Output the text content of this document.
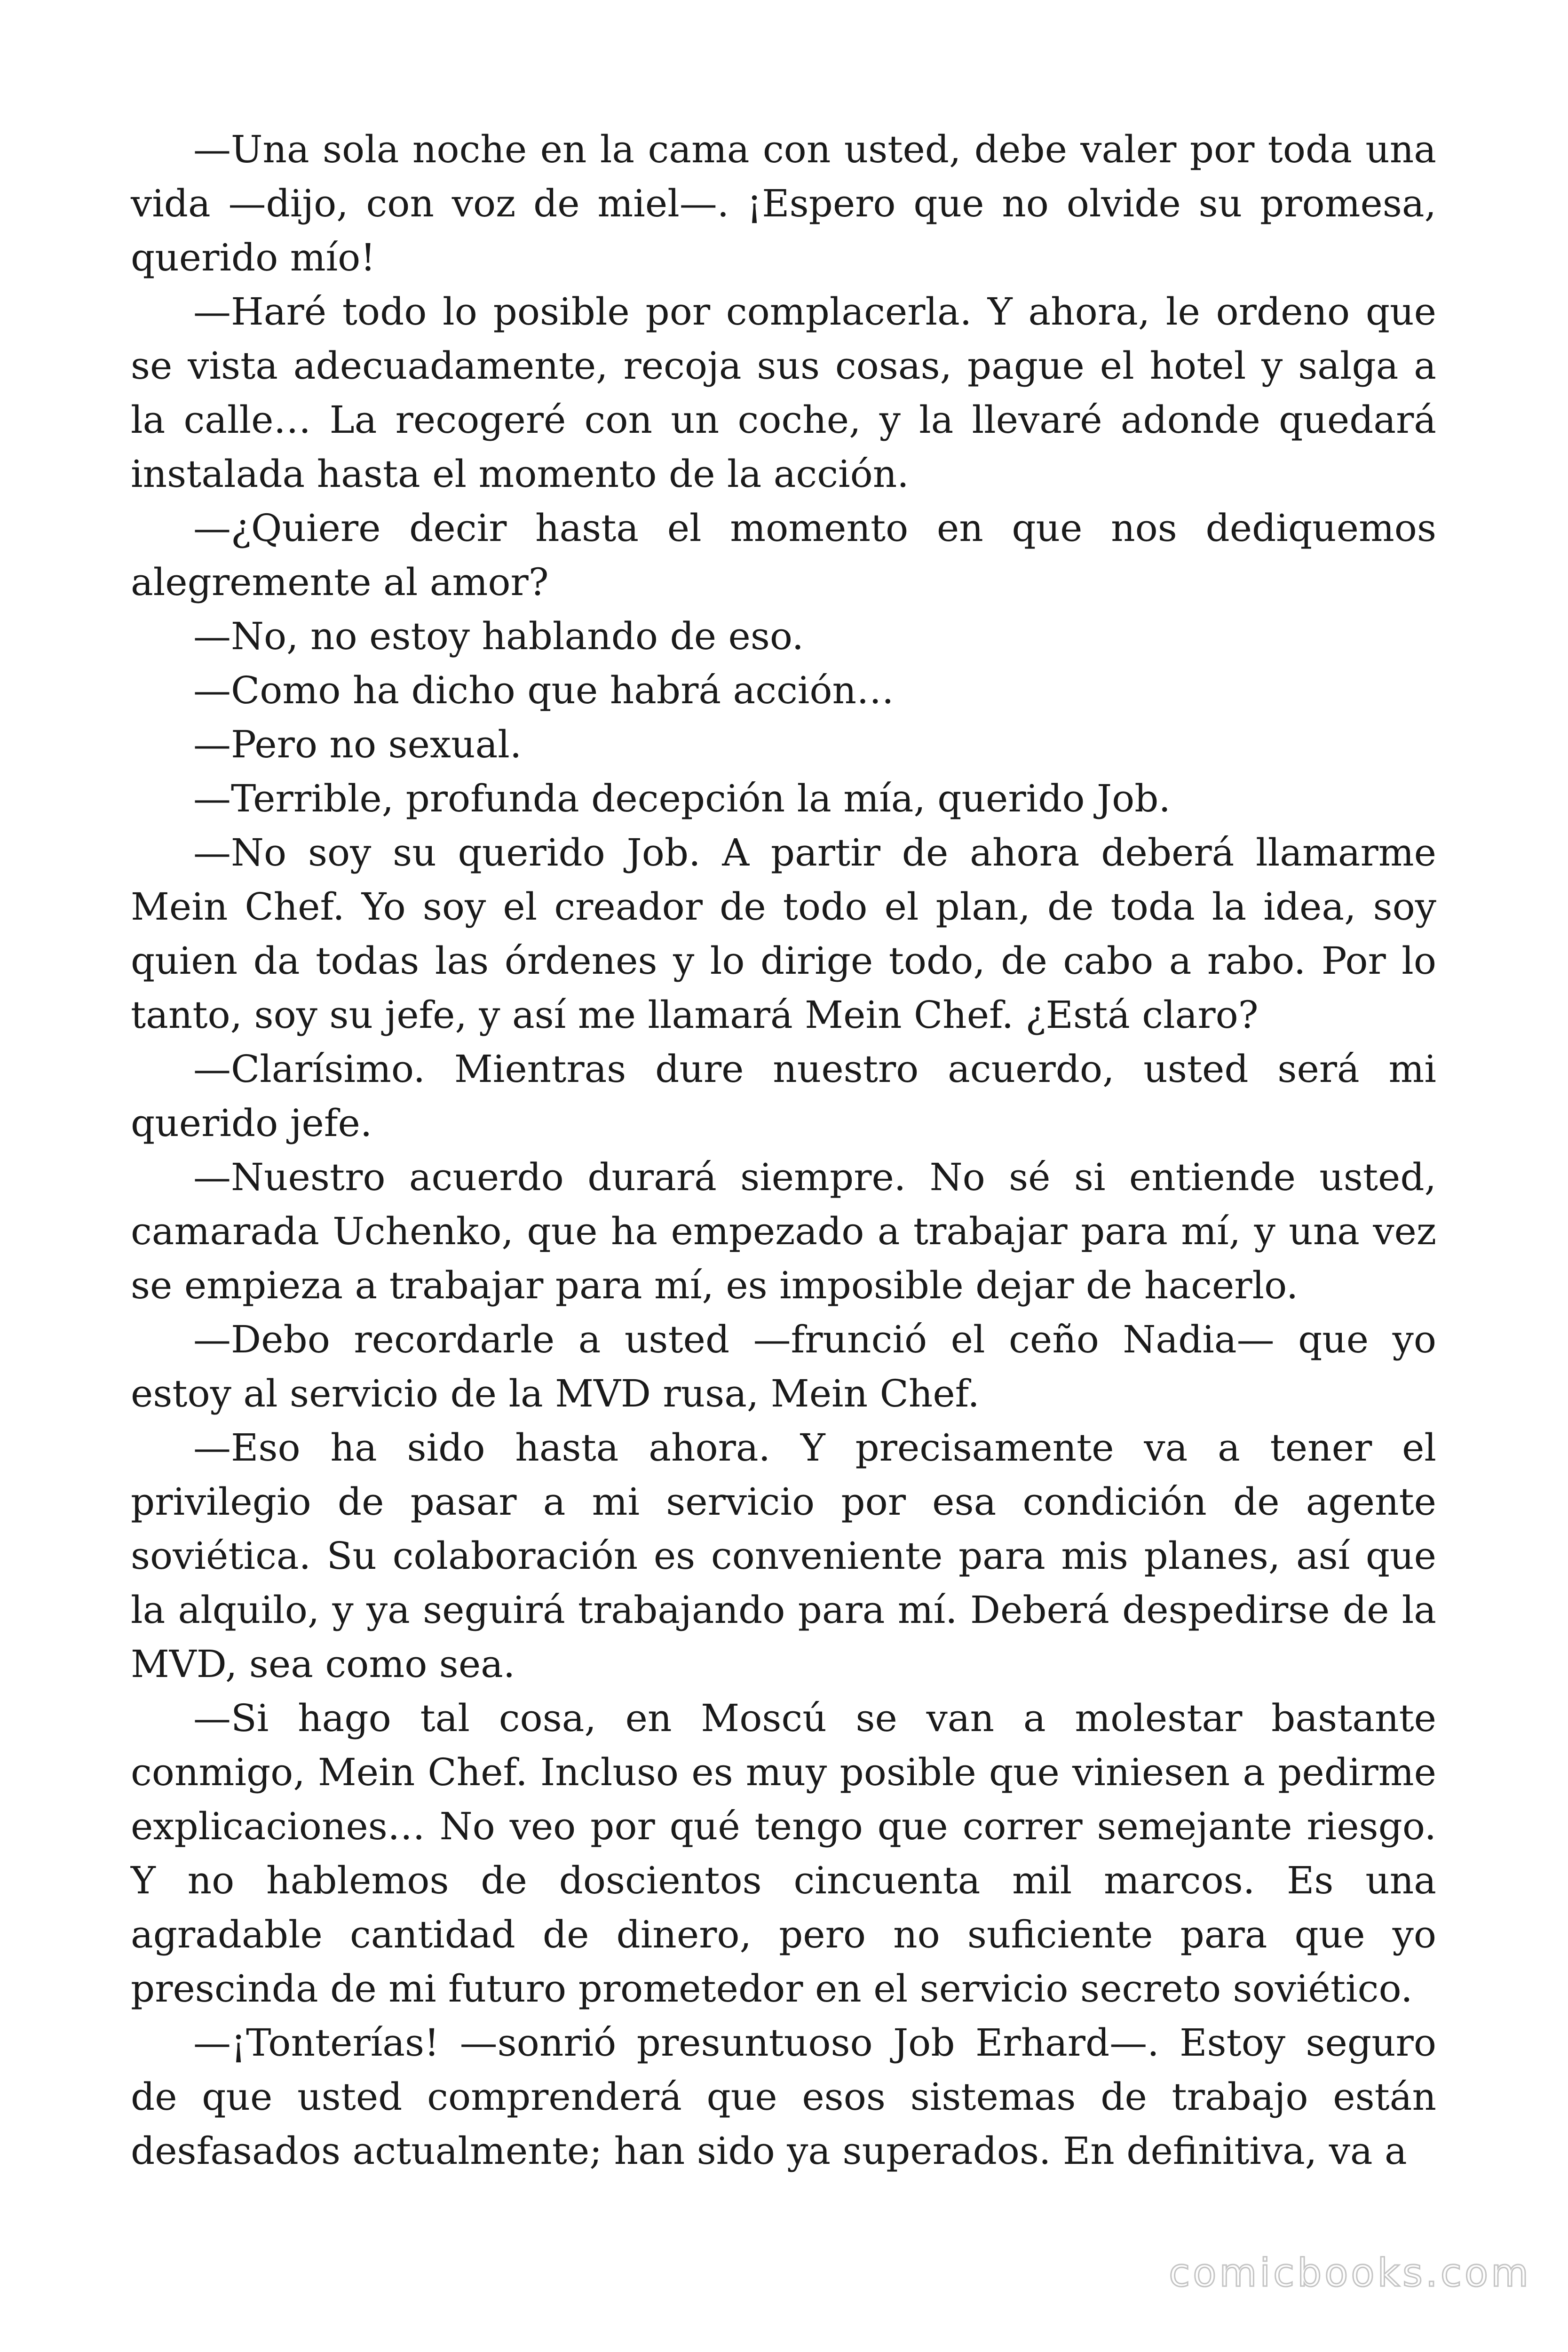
—Una sola noche en la cama con usted, debe valer por toda una vida —dijo, con voz de miel—. ¡Espero que no olvide su promesa, querido mío!

—Haré todo lo posible por complacerla. Y ahora, le ordeno que se vista adecuadamente, recoja sus cosas, pague el hotel y salga a la calle… La recogeré con un coche, y la llevaré adonde quedará instalada hasta el momento de la acción.

—¿Quiere decir hasta el momento en que nos dediquemos alegremente al amor?

—No, no estoy hablando de eso.

—Como ha dicho que habrá acción…

—Pero no sexual.

—Terrible, profunda decepción la mía, querido Job.

—No soy su querido Job. A partir de ahora deberá llamarme Mein Chef. Yo soy el creador de todo el plan, de toda la idea, soy quien da todas las órdenes y lo dirige todo, de cabo a rabo. Por lo tanto, soy su jefe, y así me llamará Mein Chef. ¿Está claro?

—Clarísimo. Mientras dure nuestro acuerdo, usted será mi querido jefe.

—Nuestro acuerdo durará siempre. No sé si entiende usted, camarada Uchenko, que ha empezado a trabajar para mí, y una vez se empieza a trabajar para mí, es imposible dejar de hacerlo.

—Debo recordarle a usted —frunció el ceño Nadia— que yo estoy al servicio de la MVD rusa, Mein Chef.

—Eso ha sido hasta ahora. Y precisamente va a tener el privilegio de pasar a mi servicio por esa condición de agente soviética. Su colaboración es conveniente para mis planes, así que la alquilo, y ya seguirá trabajando para mí. Deberá despedirse de la MVD, sea como sea.

—Si hago tal cosa, en Moscú se van a molestar bastante conmigo, Mein Chef. Incluso es muy posible que viniesen a pedirme explicaciones… No veo por qué tengo que correr semejante riesgo. Y no hablemos de doscientos cincuenta mil marcos. Es una agradable cantidad de dinero, pero no suficiente para que yo prescinda de mi futuro prometedor en el servicio secreto soviético.

—¡Tonterías! —sonrió presuntuoso Job Erhard—. Estoy seguro de que usted comprenderá que esos sistemas de trabajo están desfasados actualmente; han sido ya superados. En definitiva, va a

comicbooks.com
